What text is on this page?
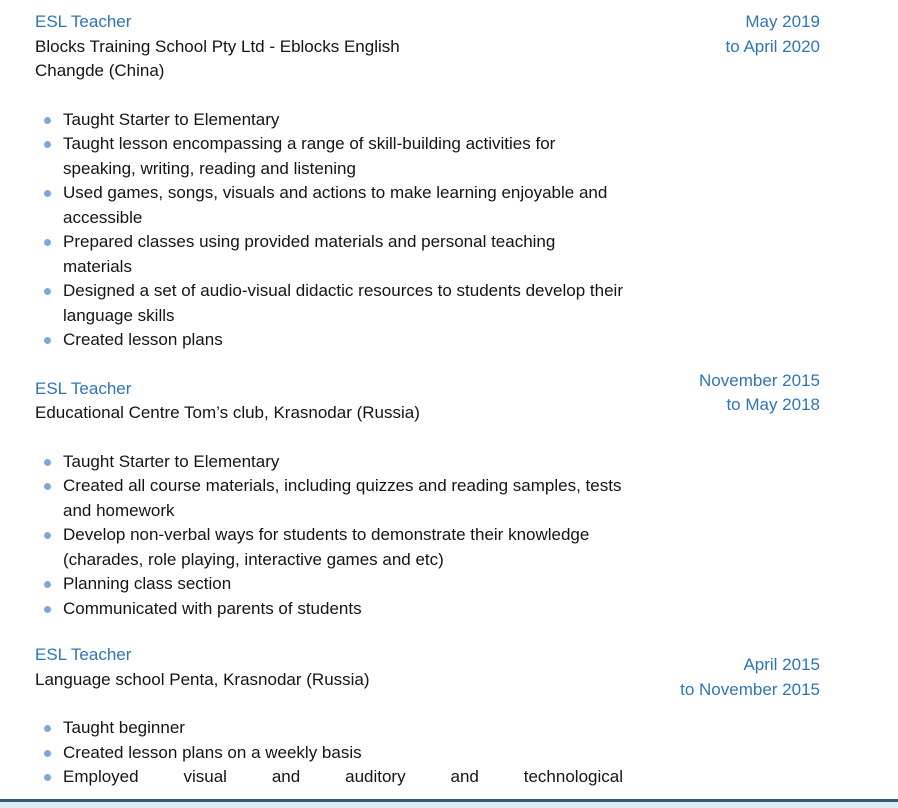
ESL Teacher
Blocks Training School Pty Ltd - Eblocks English
Changde (China)
May 2019
to April 2020
Taught Starter to Elementary
Taught lesson encompassing a range of skill-building activities for speaking, writing, reading and listening
Used games, songs, visuals and actions to make learning enjoyable and accessible
Prepared classes using provided materials and personal teaching materials
Designed a set of audio-visual didactic resources to students develop their language skills
Created lesson plans
ESL Teacher
Educational Centre Tom’s club, Krasnodar (Russia)
November 2015
to May 2018
Taught Starter to Elementary
Created all course materials, including quizzes and reading samples, tests and homework
Develop non-verbal ways for students to demonstrate their knowledge (charades, role playing, interactive games and etc)
Planning class section
Communicated with parents of students
ESL Teacher
Language school Penta, Krasnodar (Russia)
April 2015
to November 2015
Taught beginner
Created lesson plans on a weekly basis
Employed visual and auditory and technological
